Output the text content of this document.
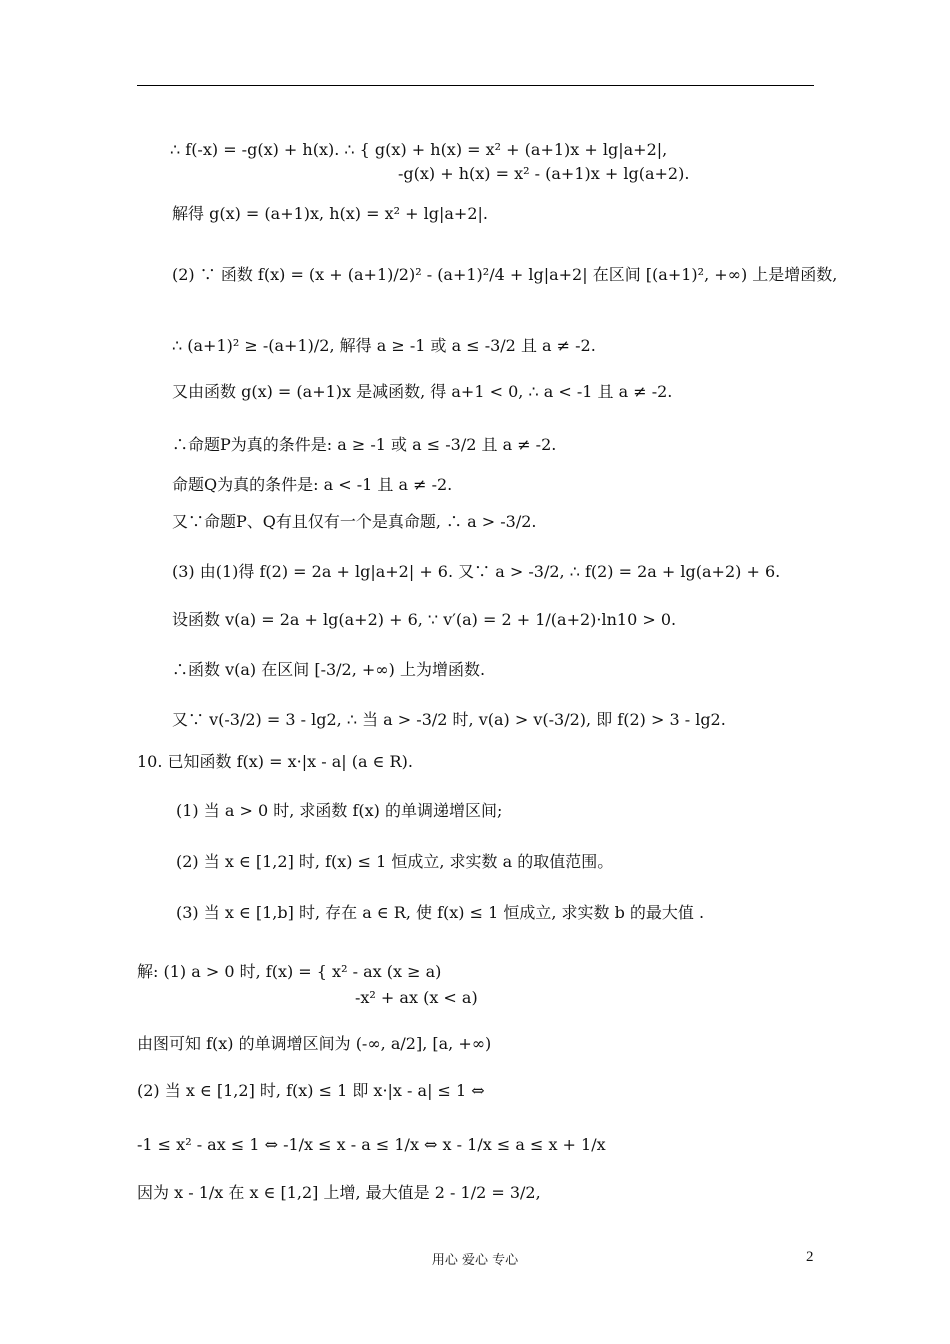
∴ f(-x) = -g(x) + h(x). ∴ { g(x) + h(x) = x² + (a+1)x + lg|a+2|,
-g(x) + h(x) = x² - (a+1)x + lg(a+2).
解得 g(x) = (a+1)x, h(x) = x² + lg|a+2|.
(2) ∵ 函数 f(x) = (x + (a+1)/2)² - (a+1)²/4 + lg|a+2| 在区间 [(a+1)², +∞) 上是增函数,
∴ (a+1)² ≥ -(a+1)/2, 解得 a ≥ -1 或 a ≤ -3/2 且 a ≠ -2.
又由函数 g(x) = (a+1)x 是减函数, 得 a+1 < 0, ∴ a < -1 且 a ≠ -2.
∴命题P为真的条件是: a ≥ -1 或 a ≤ -3/2 且 a ≠ -2.
命题Q为真的条件是: a < -1 且 a ≠ -2.
又∵命题P、Q有且仅有一个是真命题, ∴ a > -3/2.
(3) 由(1)得 f(2) = 2a + lg|a+2| + 6. 又∵ a > -3/2, ∴ f(2) = 2a + lg(a+2) + 6.
设函数 v(a) = 2a + lg(a+2) + 6, ∵ v′(a) = 2 + 1/(a+2)·ln10 > 0.
∴函数 v(a) 在区间 [-3/2, +∞) 上为增函数.
又∵ v(-3/2) = 3 - lg2, ∴ 当 a > -3/2 时, v(a) > v(-3/2), 即 f(2) > 3 - lg2.
10. 已知函数 f(x) = x·|x - a| (a ∈ R).
(1) 当 a > 0 时, 求函数 f(x) 的单调递增区间;
(2) 当 x ∈ [1,2] 时, f(x) ≤ 1 恒成立, 求实数 a 的取值范围。
(3) 当 x ∈ [1,b] 时, 存在 a ∈ R, 使 f(x) ≤ 1 恒成立, 求实数 b 的最大值 .
解: (1) a > 0 时, f(x) = { x² - ax (x ≥ a)
-x² + ax (x < a)
由图可知 f(x) 的单调增区间为 (-∞, a/2], [a, +∞)
(2) 当 x ∈ [1,2] 时, f(x) ≤ 1 即 x·|x - a| ≤ 1 ⇔
-1 ≤ x² - ax ≤ 1 ⇔ -1/x ≤ x - a ≤ 1/x ⇔ x - 1/x ≤ a ≤ x + 1/x
因为 x - 1/x 在 x ∈ [1,2] 上增, 最大值是 2 - 1/2 = 3/2,
用心 爱心 专心	2
